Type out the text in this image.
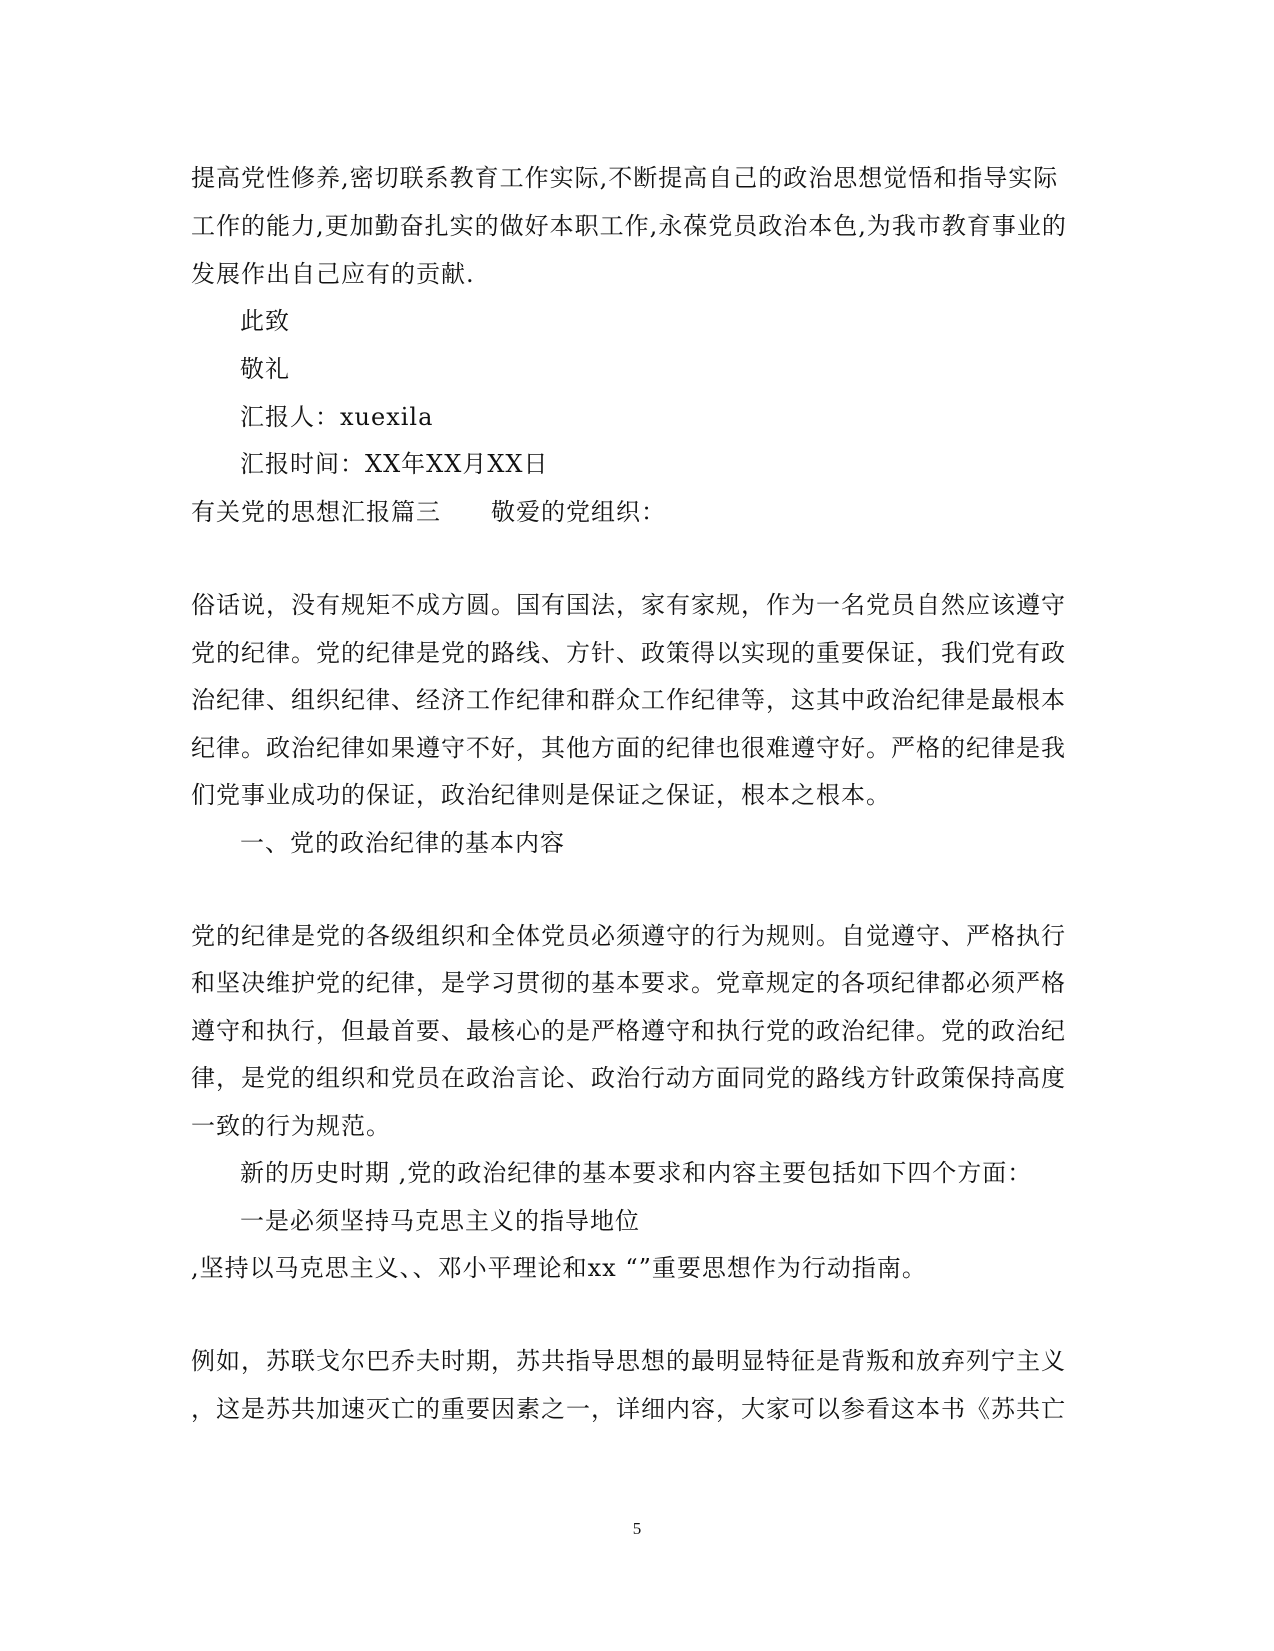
提高党性修养,密切联系教育工作实际,不断提高自己的政治思想觉悟和指导实际
工作的能力,更加勤奋扎实的做好本职工作,永葆党员政治本色,为我市教育事业的
发展作出自己应有的贡献.
此致
敬礼
汇报人：xuexila
汇报时间：XX年XX月XX日
有关党的思想汇报篇三　　敬爱的党组织：
俗话说，没有规矩不成方圆。国有国法，家有家规，作为一名党员自然应该遵守
党的纪律。党的纪律是党的路线、方针、政策得以实现的重要保证，我们党有政
治纪律、组织纪律、经济工作纪律和群众工作纪律等，这其中政治纪律是最根本
纪律。政治纪律如果遵守不好，其他方面的纪律也很难遵守好。严格的纪律是我
们党事业成功的保证，政治纪律则是保证之保证，根本之根本。
一、党的政治纪律的基本内容
党的纪律是党的各级组织和全体党员必须遵守的行为规则。自觉遵守、严格执行
和坚决维护党的纪律，是学习贯彻的基本要求。党章规定的各项纪律都必须严格
遵守和执行，但最首要、最核心的是严格遵守和执行党的政治纪律。党的政治纪
律，是党的组织和党员在政治言论、政治行动方面同党的路线方针政策保持高度
一致的行为规范。
新的历史时期 ,党的政治纪律的基本要求和内容主要包括如下四个方面：
一是必须坚持马克思主义的指导地位
,坚持以马克思主义、、邓小平理论和xx “”重要思想作为行动指南。
例如，苏联戈尔巴乔夫时期，苏共指导思想的最明显特征是背叛和放弃列宁主义
，这是苏共加速灭亡的重要因素之一，详细内容，大家可以参看这本书《苏共亡
5
